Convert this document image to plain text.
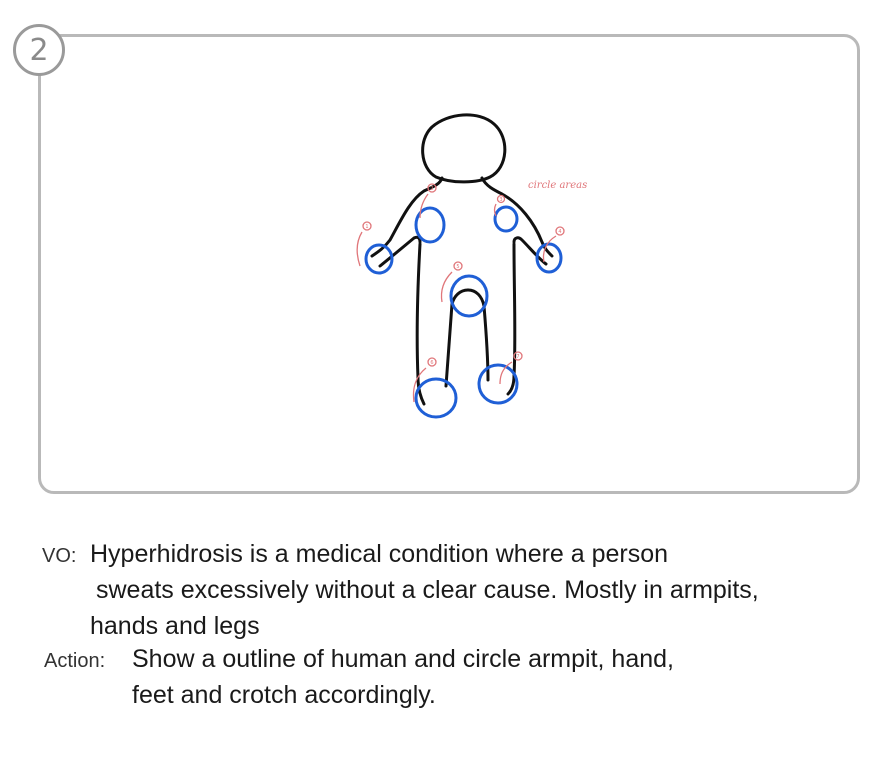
1
2
3
4
5
6
7
circle areas
2
VO: Hyperhidrosis is a medical condition where a person
sweats excessively without a clear cause. Mostly in armpits,
hands and legs
Action: Show a outline of human and circle armpit, hand,
feet and crotch accordingly.
